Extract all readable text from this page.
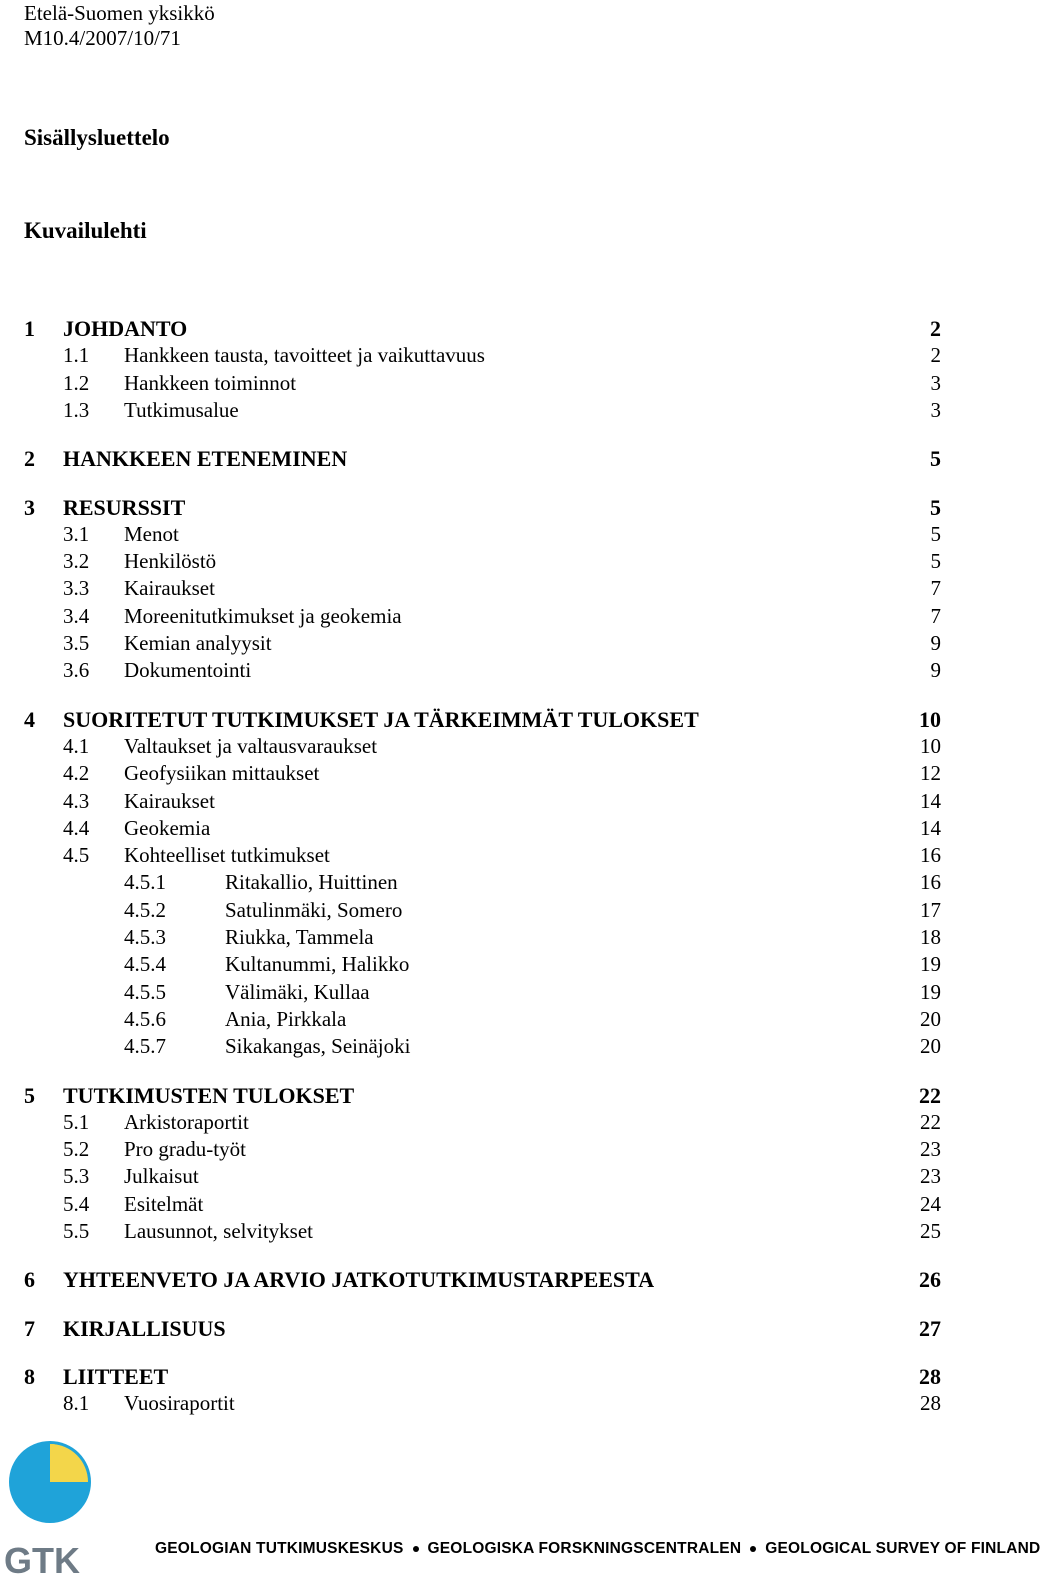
Etelä-Suomen yksikkö
M10.4/2007/10/71
Sisällysluettelo
Kuvailulehti
1 JOHDANTO	2
1.1 Hankkeen tausta, tavoitteet ja vaikuttavuus	2
1.2 Hankkeen toiminnot	3
1.3 Tutkimusalue	3
2 HANKKEEN ETENEMINEN	5
3 RESURSSIT	5
3.1 Menot	5
3.2 Henkilöstö	5
3.3 Kairaukset	7
3.4 Moreenitutkimukset ja geokemia	7
3.5 Kemian analyysit	9
3.6 Dokumentointi	9
4 SUORITETUT TUTKIMUKSET JA TÄRKEIMMÄT TULOKSET	10
4.1 Valtaukset ja valtausvaraukset	10
4.2 Geofysiikan mittaukset	12
4.3 Kairaukset	14
4.4 Geokemia	14
4.5 Kohteelliset tutkimukset	16
4.5.1	Ritakallio, Huittinen	16
4.5.2	Satulinmäki, Somero	17
4.5.3	Riukka, Tammela	18
4.5.4	Kultanummi, Halikko	19
4.5.5	Välimäki, Kullaa	19
4.5.6	Ania, Pirkkala	20
4.5.7	Sikakangas, Seinäjoki	20
5 TUTKIMUSTEN TULOKSET	22
5.1 Arkistoraportit	22
5.2 Pro gradu-työt	23
5.3 Julkaisut	23
5.4 Esitelmät	24
5.5 Lausunnot, selvitykset	25
6 YHTEENVETO JA ARVIO JATKOTUTKIMUSTARPEESTA	26
7 KIRJALLISUUS	27
8 LIITTEET	28
8.1 Vuosiraportit	28
GTK	GEOLOGIAN TUTKIMUSKESKUS GEOLOGISKA FORSKNINGSCENTRALEN GEOLOGICAL SURVEY OF FINLAND
